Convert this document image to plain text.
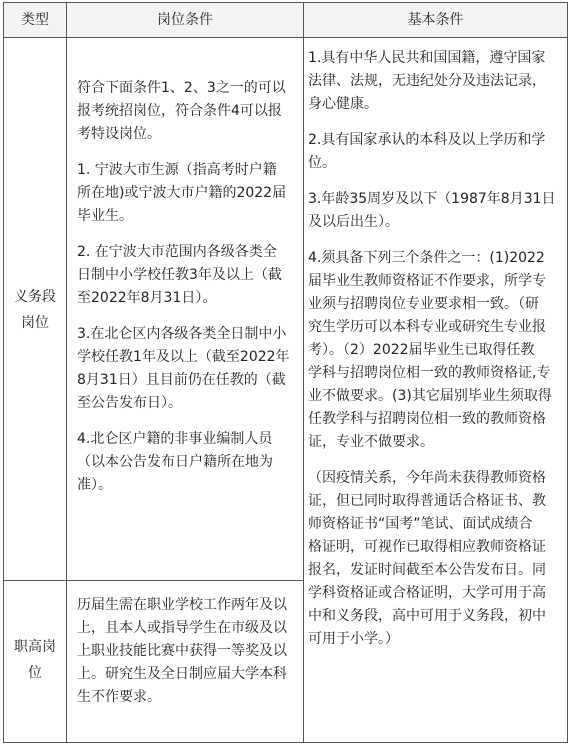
类型	岗位条件	基本条件
义务段
岗位
符合下面条件1、2、3之一的可以
报考统招岗位，符合条件4可以报
考特设岗位。
1. 宁波大市生源（指高考时户籍
所在地)或宁波大市户籍的2022届
毕业生。
2. 在宁波大市范围内各级各类全
日制中小学校任教3年及以上（截
至2022年8月31日）。
3.在北仑区内各级各类全日制中小
学校任教1年及以上（截至2022年
8月31日）且目前仍在任教的（截
至公告发布日）。
4.北仑区户籍的非事业编制人员
（以本公告发布日户籍所在地为
准）。
职高岗
位
历届生需在职业学校工作两年及以
上，且本人或指导学生在市级及以
上职业技能比赛中获得一等奖及以
上。研究生及全日制应届大学本科
生不作要求。
1.具有中华人民共和国国籍，遵守国家
法律、法规，无违纪处分及违法记录，
身心健康。
2.具有国家承认的本科及以上学历和学
位。
3.年龄35周岁及以下（1987年8月31日
及以后出生）。
4.须具备下列三个条件之一：(1)2022
届毕业生教师资格证不作要求，所学专
业须与招聘岗位专业要求相一致。（研
究生学历可以本科专业或研究生专业报
考）。（2）2022届毕业生已取得任教
学科与招聘岗位相一致的教师资格证,专
业不做要求。(3)其它届别毕业生须取得
任教学科与招聘岗位相一致的教师资格
证，专业不做要求。
（因疫情关系，今年尚未获得教师资格
证，但已同时取得普通话合格证书、教
师资格证书“国考”笔试、面试成绩合
格证明，可视作已取得相应教师资格证
报名，发证时间截至本公告发布日。同
学科资格证或合格证明，大学可用于高
中和义务段，高中可用于义务段，初中
可用于小学。）
